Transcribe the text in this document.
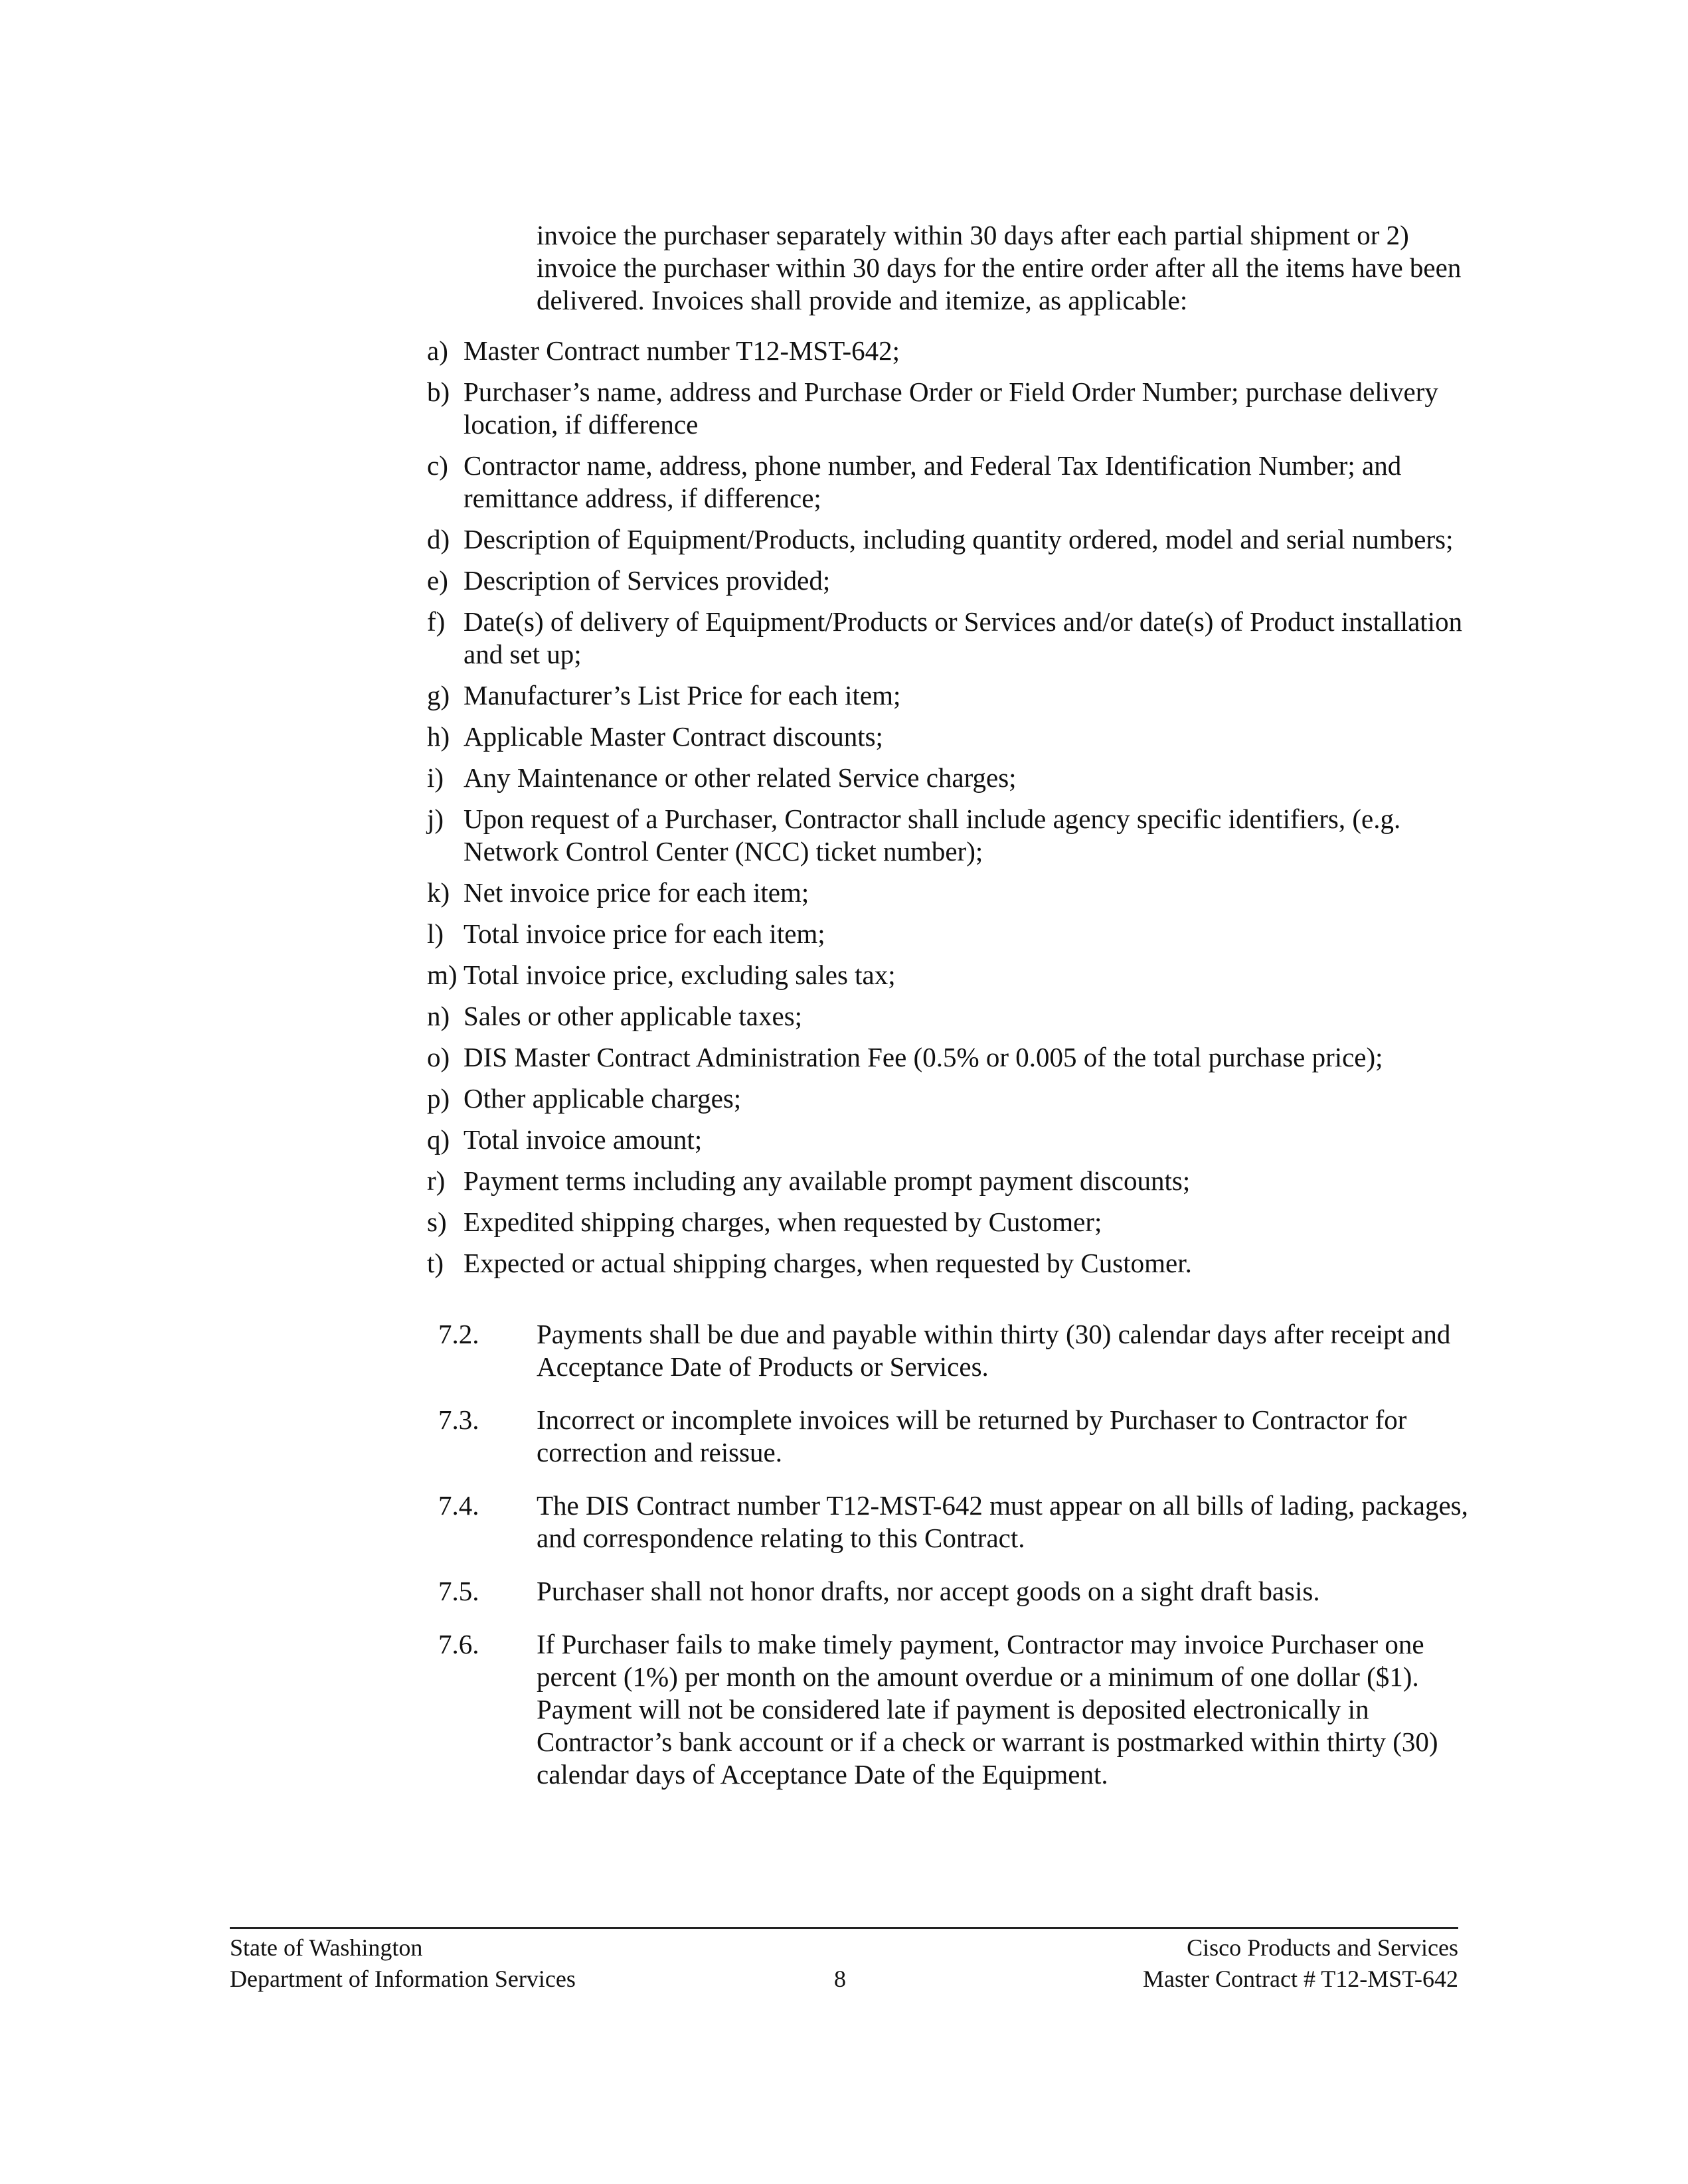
invoice the purchaser separately within 30 days after each partial shipment or 2) invoice the purchaser within 30 days for the entire order after all the items have been delivered. Invoices shall provide and itemize, as applicable:

a) Master Contract number T12-MST-642;
b) Purchaser’s name, address and Purchase Order or Field Order Number; purchase delivery location, if difference
c) Contractor name, address, phone number, and Federal Tax Identification Number; and remittance address, if difference;
d) Description of Equipment/Products, including quantity ordered, model and serial numbers;
e) Description of Services provided;
f) Date(s) of delivery of Equipment/Products or Services and/or date(s) of Product installation and set up;
g) Manufacturer’s List Price for each item;
h) Applicable Master Contract discounts;
i) Any Maintenance or other related Service charges;
j) Upon request of a Purchaser, Contractor shall include agency specific identifiers, (e.g. Network Control Center (NCC) ticket number);
k) Net invoice price for each item;
l) Total invoice price for each item;
m) Total invoice price, excluding sales tax;
n) Sales or other applicable taxes;
o) DIS Master Contract Administration Fee (0.5% or 0.005 of the total purchase price);
p) Other applicable charges;
q) Total invoice amount;
r) Payment terms including any available prompt payment discounts;
s) Expedited shipping charges, when requested by Customer;
t) Expected or actual shipping charges, when requested by Customer.
7.2. Payments shall be due and payable within thirty (30) calendar days after receipt and Acceptance Date of Products or Services.
7.3. Incorrect or incomplete invoices will be returned by Purchaser to Contractor for correction and reissue.
7.4. The DIS Contract number T12-MST-642 must appear on all bills of lading, packages, and correspondence relating to this Contract.
7.5. Purchaser shall not honor drafts, nor accept goods on a sight draft basis.
7.6. If Purchaser fails to make timely payment, Contractor may invoice Purchaser one percent (1%) per month on the amount overdue or a minimum of one dollar ($1). Payment will not be considered late if payment is deposited electronically in Contractor’s bank account or if a check or warrant is postmarked within thirty (30) calendar days of Acceptance Date of the Equipment.
State of Washington
Department of Information Services	8
Cisco Products and Services
Master Contract # T12-MST-642
